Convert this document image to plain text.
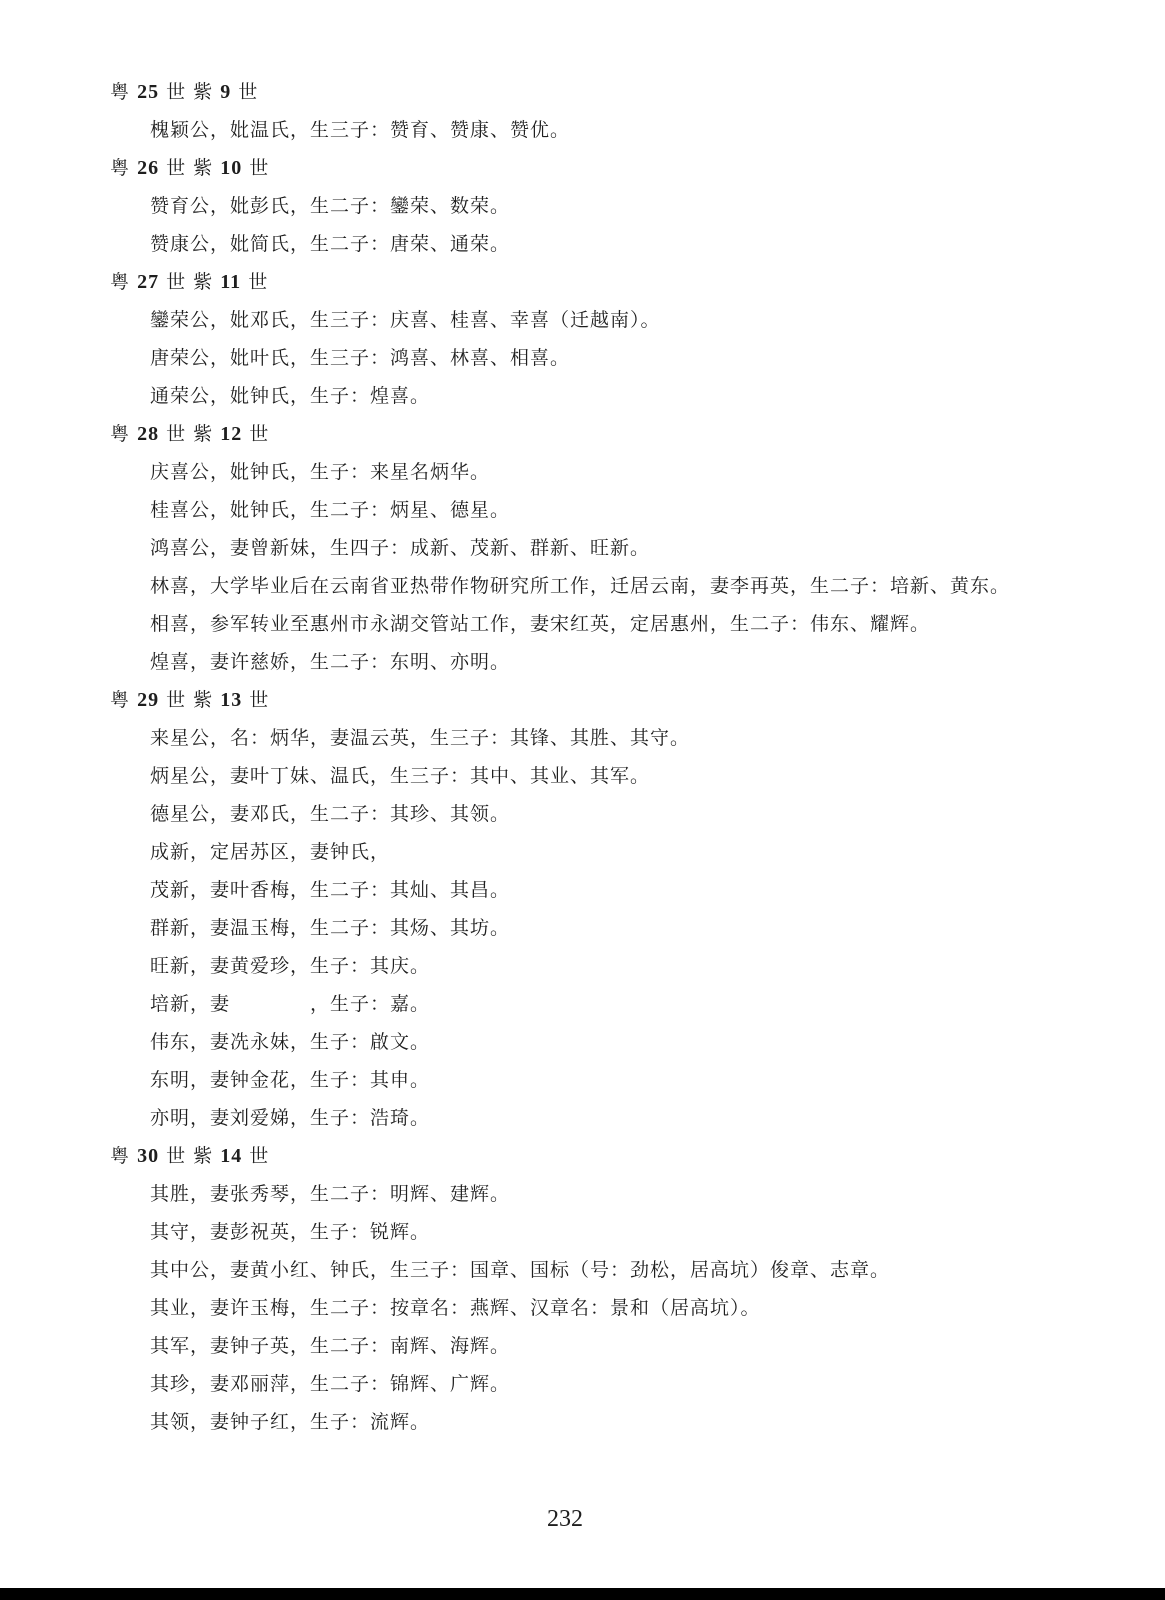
粤 25 世 紫 9 世
槐颖公，妣温氏，生三子：赞育、赞康、赞优。
粤 26 世 紫 10 世
赞育公，妣彭氏，生二子：鑾荣、数荣。
赞康公，妣简氏，生二子：唐荣、通荣。
粤 27 世 紫 11 世
鑾荣公，妣邓氏，生三子：庆喜、桂喜、幸喜（迁越南）。
唐荣公，妣叶氏，生三子：鸿喜、林喜、相喜。
通荣公，妣钟氏，生子：煌喜。
粤 28 世 紫 12 世
庆喜公，妣钟氏，生子：来星名炳华。
桂喜公，妣钟氏，生二子：炳星、德星。
鸿喜公，妻曾新妹，生四子：成新、茂新、群新、旺新。
林喜，大学毕业后在云南省亚热带作物研究所工作，迁居云南，妻李再英，生二子：培新、黄东。
相喜，参军转业至惠州市永湖交管站工作，妻宋红英，定居惠州，生二子：伟东、耀辉。
煌喜，妻许慈娇，生二子：东明、亦明。
粤 29 世 紫 13 世
来星公，名：炳华，妻温云英，生三子：其锋、其胜、其守。
炳星公，妻叶丁妹、温氏，生三子：其中、其业、其军。
德星公，妻邓氏，生二子：其珍、其领。
成新，定居苏区，妻钟氏，
茂新，妻叶香梅，生二子：其灿、其昌。
群新，妻温玉梅，生二子：其炀、其坊。
旺新，妻黄爱珍，生子：其庆。
培新，妻　　　　，生子：嘉。
伟东，妻冼永妹，生子：啟文。
东明，妻钟金花，生子：其申。
亦明，妻刘爱娣，生子：浩琦。
粤 30 世 紫 14 世
其胜，妻张秀琴，生二子：明辉、建辉。
其守，妻彭祝英，生子：锐辉。
其中公，妻黄小红、钟氏，生三子：国章、国标（号：劲松，居高坑）俊章、志章。
其业，妻许玉梅，生二子：按章名：燕辉、汉章名：景和（居高坑）。
其军，妻钟子英，生二子：南辉、海辉。
其珍，妻邓丽萍，生二子：锦辉、广辉。
其领，妻钟子红，生子：流辉。
232
